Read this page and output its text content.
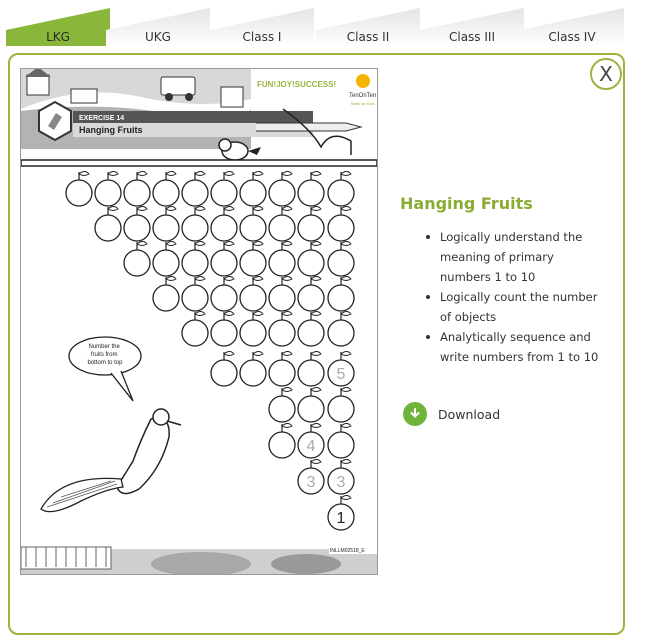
LKG	UKG	Class I	Class II	Class III	Class IV
X
EXERCISE 14
Hanging Fruits
FUN!JOY!SUCCESS!
TenOnTen
Math for Kids
5
4
3 3
1
Number the fruits from bottom to top
INLLM02518_E
Hanging Fruits
Logically understand the meaning of primary numbers 1 to 10
Logically count the number of objects
Analytically sequence and write numbers from 1 to 10
Download
